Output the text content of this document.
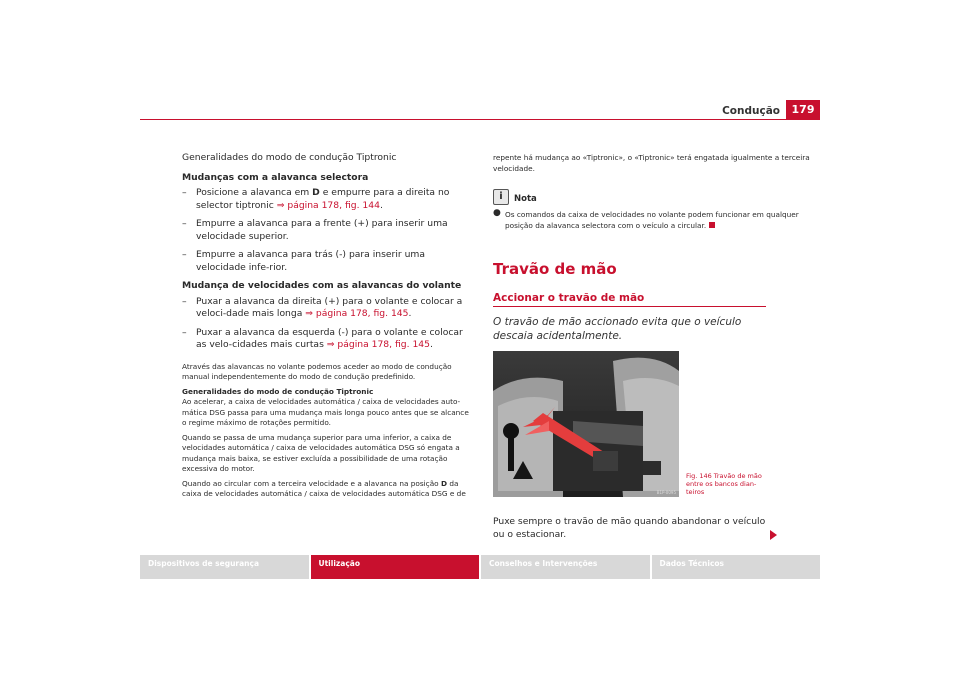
Condução	179
Generalidades do modo de condução Tiptronic
Mudanças com a alavanca selectora
– Posicione a alavanca em D e empurre para a direita no selector tiptronic ⇒ página 178, fig. 144.
– Empurre a alavanca para a frente (+) para inserir uma velocidade superior.
– Empurre a alavanca para trás (-) para inserir uma velocidade infe-rior.
Mudança de velocidades com as alavancas do volante
– Puxar a alavanca da direita (+) para o volante e colocar a veloci-dade mais longa ⇒ página 178, fig. 145.
– Puxar a alavanca da esquerda (-) para o volante e colocar as velo-cidades mais curtas ⇒ página 178, fig. 145.
Através das alavancas no volante podemos aceder ao modo de condução manual independentemente do modo de condução predefinido.
Generalidades do modo de condução Tiptronic
Ao acelerar, a caixa de velocidades automática / caixa de velocidades auto-mática DSG passa para uma mudança mais longa pouco antes que se alcance o regime máximo de rotações permitido.
Quando se passa de uma mudança superior para uma inferior, a caixa de velocidades automática / caixa de velocidades automática DSG só engata a mudança mais baixa, se estiver excluída a possibilidade de uma rotação excessiva do motor.
Quando ao circular com a terceira velocidade e a alavanca na posição D da caixa de velocidades automática / caixa de velocidades automática DSG e de
repente há mudança ao «Tiptronic», o «Tiptronic» terá engatada igualmente a terceira velocidade.
i	Nota
● Os comandos da caixa de velocidades no volante podem funcionar em qualquer posição da alavanca selectora com o veículo a circular.
Travão de mão
Accionar o travão de mão
O travão de mão accionado evita que o veículo descaia acidentalmente.
B1P-0095
Fig. 146 Travão de mão entre os bancos dian-teiros
Puxe sempre o travão de mão quando abandonar o veículo ou o estacionar.
Dispositivos de segurança	Utilização	Conselhos e Intervenções	Dados Técnicos
